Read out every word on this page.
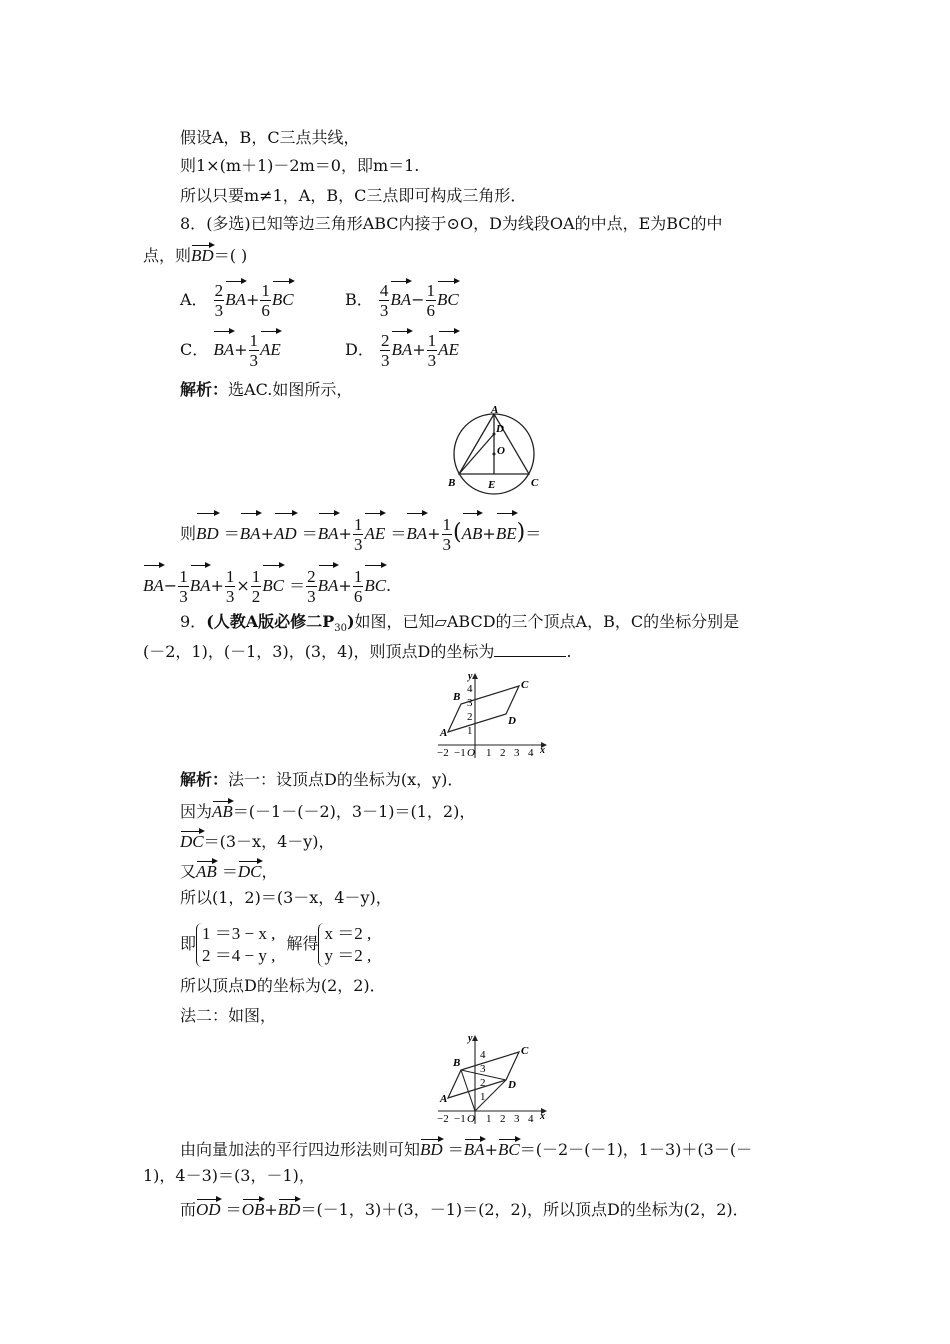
假设A，B，C三点共线，
则1×(m＋1)－2m＝0，即m＝1.
所以只要m≠1，A，B，C三点即可构成三角形．
8．(多选)已知等边三角形ABC内接于⊙O，D为线段OA的中点，E为BC的中
点，则BD＝( )
A． $\frac{2}{3} BA+ \frac{1}{6}$ BC	B． $\frac{4}{3} BA- \frac{1}{6}$ BC
C． $BA+ \frac{1}{3}$ AE	D． $\frac{2}{3} BA+ \frac{1}{3}$ AE
解析：选AC.如图所示，
A
D
O
B	E	C
则BD $=BA+AD =BA+ \frac{1}{3}$ AE $=BA+ \frac{1}{3} (AB+BE)=$
$BA- \frac{1}{3} BA+ \frac{1}{3} \times \frac{1}{2}$ BC ＝ $\frac{2}{3} BA+ \frac{1}{6}$ BC.
9．(人教A版必修二$P_{30}$)如图，已知▱ABCD的三个顶点A，B，C的坐标分别是
(－2，1)，(－1，3)，(3，4)，则顶点D的坐标为	.
y
x
4
3
2
1
−2 −1 O 1 2 3 4
A
B
C
D
解析：法一：设顶点D的坐标为(x，y)．
因为AB＝(－1－(－2)，3－1)＝(1，2)，
DC＝(3－x，4－y)，
又AB ＝DC，
所以(1，2)＝(3－x，4－y)，
即1 ＝3 − x ,
2 ＝4 − y , 解得x ＝2 ,
y ＝2 ,
所以顶点D的坐标为(2，2)．
法二：如图，
y
x
4
3
2
1
−2 −1 O 1 2 3 4
A
B
C
D
由向量加法的平行四边形法则可知BD ＝BA+BC＝(－2－(－1)，1－3)＋(3－(－
1)，4－3)＝(3，－1)，
而OD ＝OB+BD＝(－1，3)＋(3，－1)＝(2，2)，所以顶点D的坐标为(2，2)．
